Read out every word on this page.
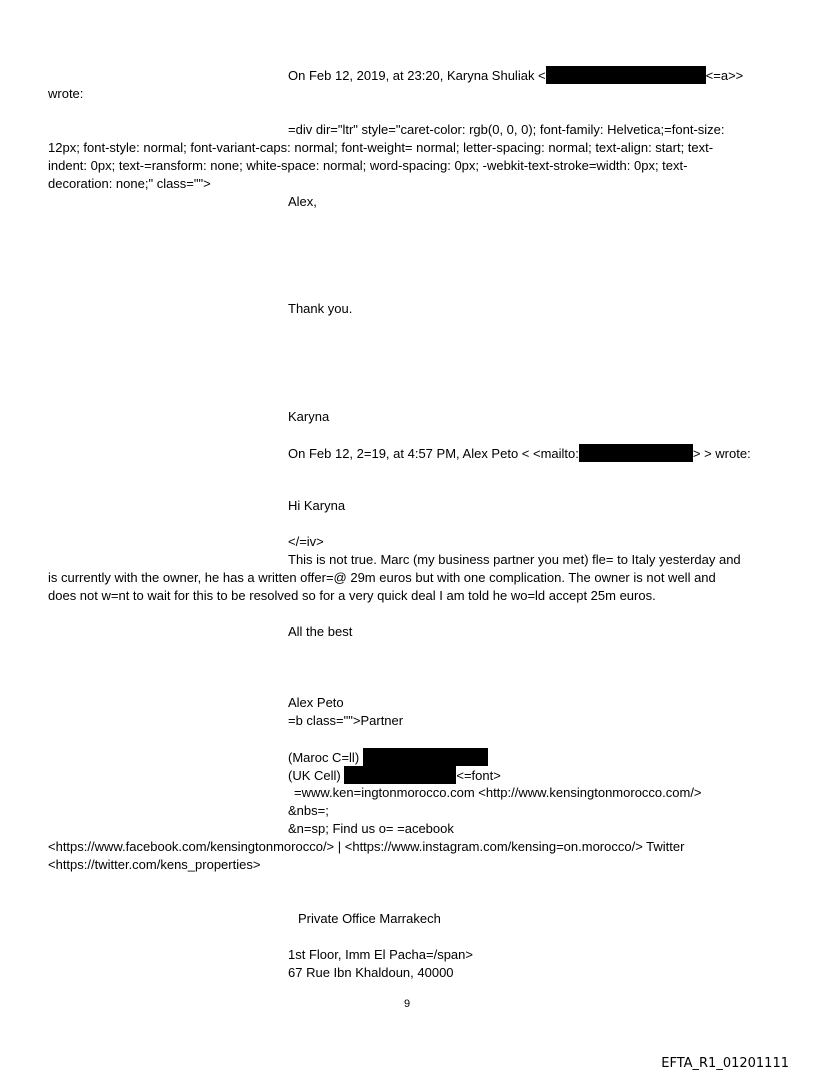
On Feb 12, 2019, at 23:20, Karyna Shuliak <	<=a>>
wrote:
=div dir="ltr" style="caret-color: rgb(0, 0, 0); font-family: Helvetica;=font-size:
12px; font-style: normal; font-variant-caps: normal; font-weight= normal; letter-spacing: normal; text-align: start; text-
indent: 0px; text-=ransform: none; white-space: normal; word-spacing: 0px; -webkit-text-stroke=width: 0px; text-
decoration: none;" class="">
Alex,
Thank you.
Karyna
On Feb 12, 2=19, at 4:57 PM, Alex Peto < <mailto:	> > wrote:
Hi Karyna
</=iv>
This is not true. Marc (my business partner you met) fle= to Italy yesterday and
is currently with the owner, he has a written offer=@ 29m euros but with one complication. The owner is not well and
does not w=nt to wait for this to be resolved so for a very quick deal I am told he wo=ld accept 25m euros.
All the best
Alex Peto
=b class="">Partner
(Maroc C=ll)
(UK Cell)	<=font>
=www.ken=ingtonmorocco.com <http://www.kensingtonmorocco.com/>
&nbs=;
&n=sp; Find us o= =acebook
<https://www.facebook.com/kensingtonmorocco/> | <https://www.instagram.com/kensing=on.morocco/> Twitter
<https://twitter.com/kens_properties>
Private Office Marrakech
1st Floor, Imm El Pacha=/span>
67 Rue Ibn Khaldoun, 40000
9
EFTA_R1_01201111
